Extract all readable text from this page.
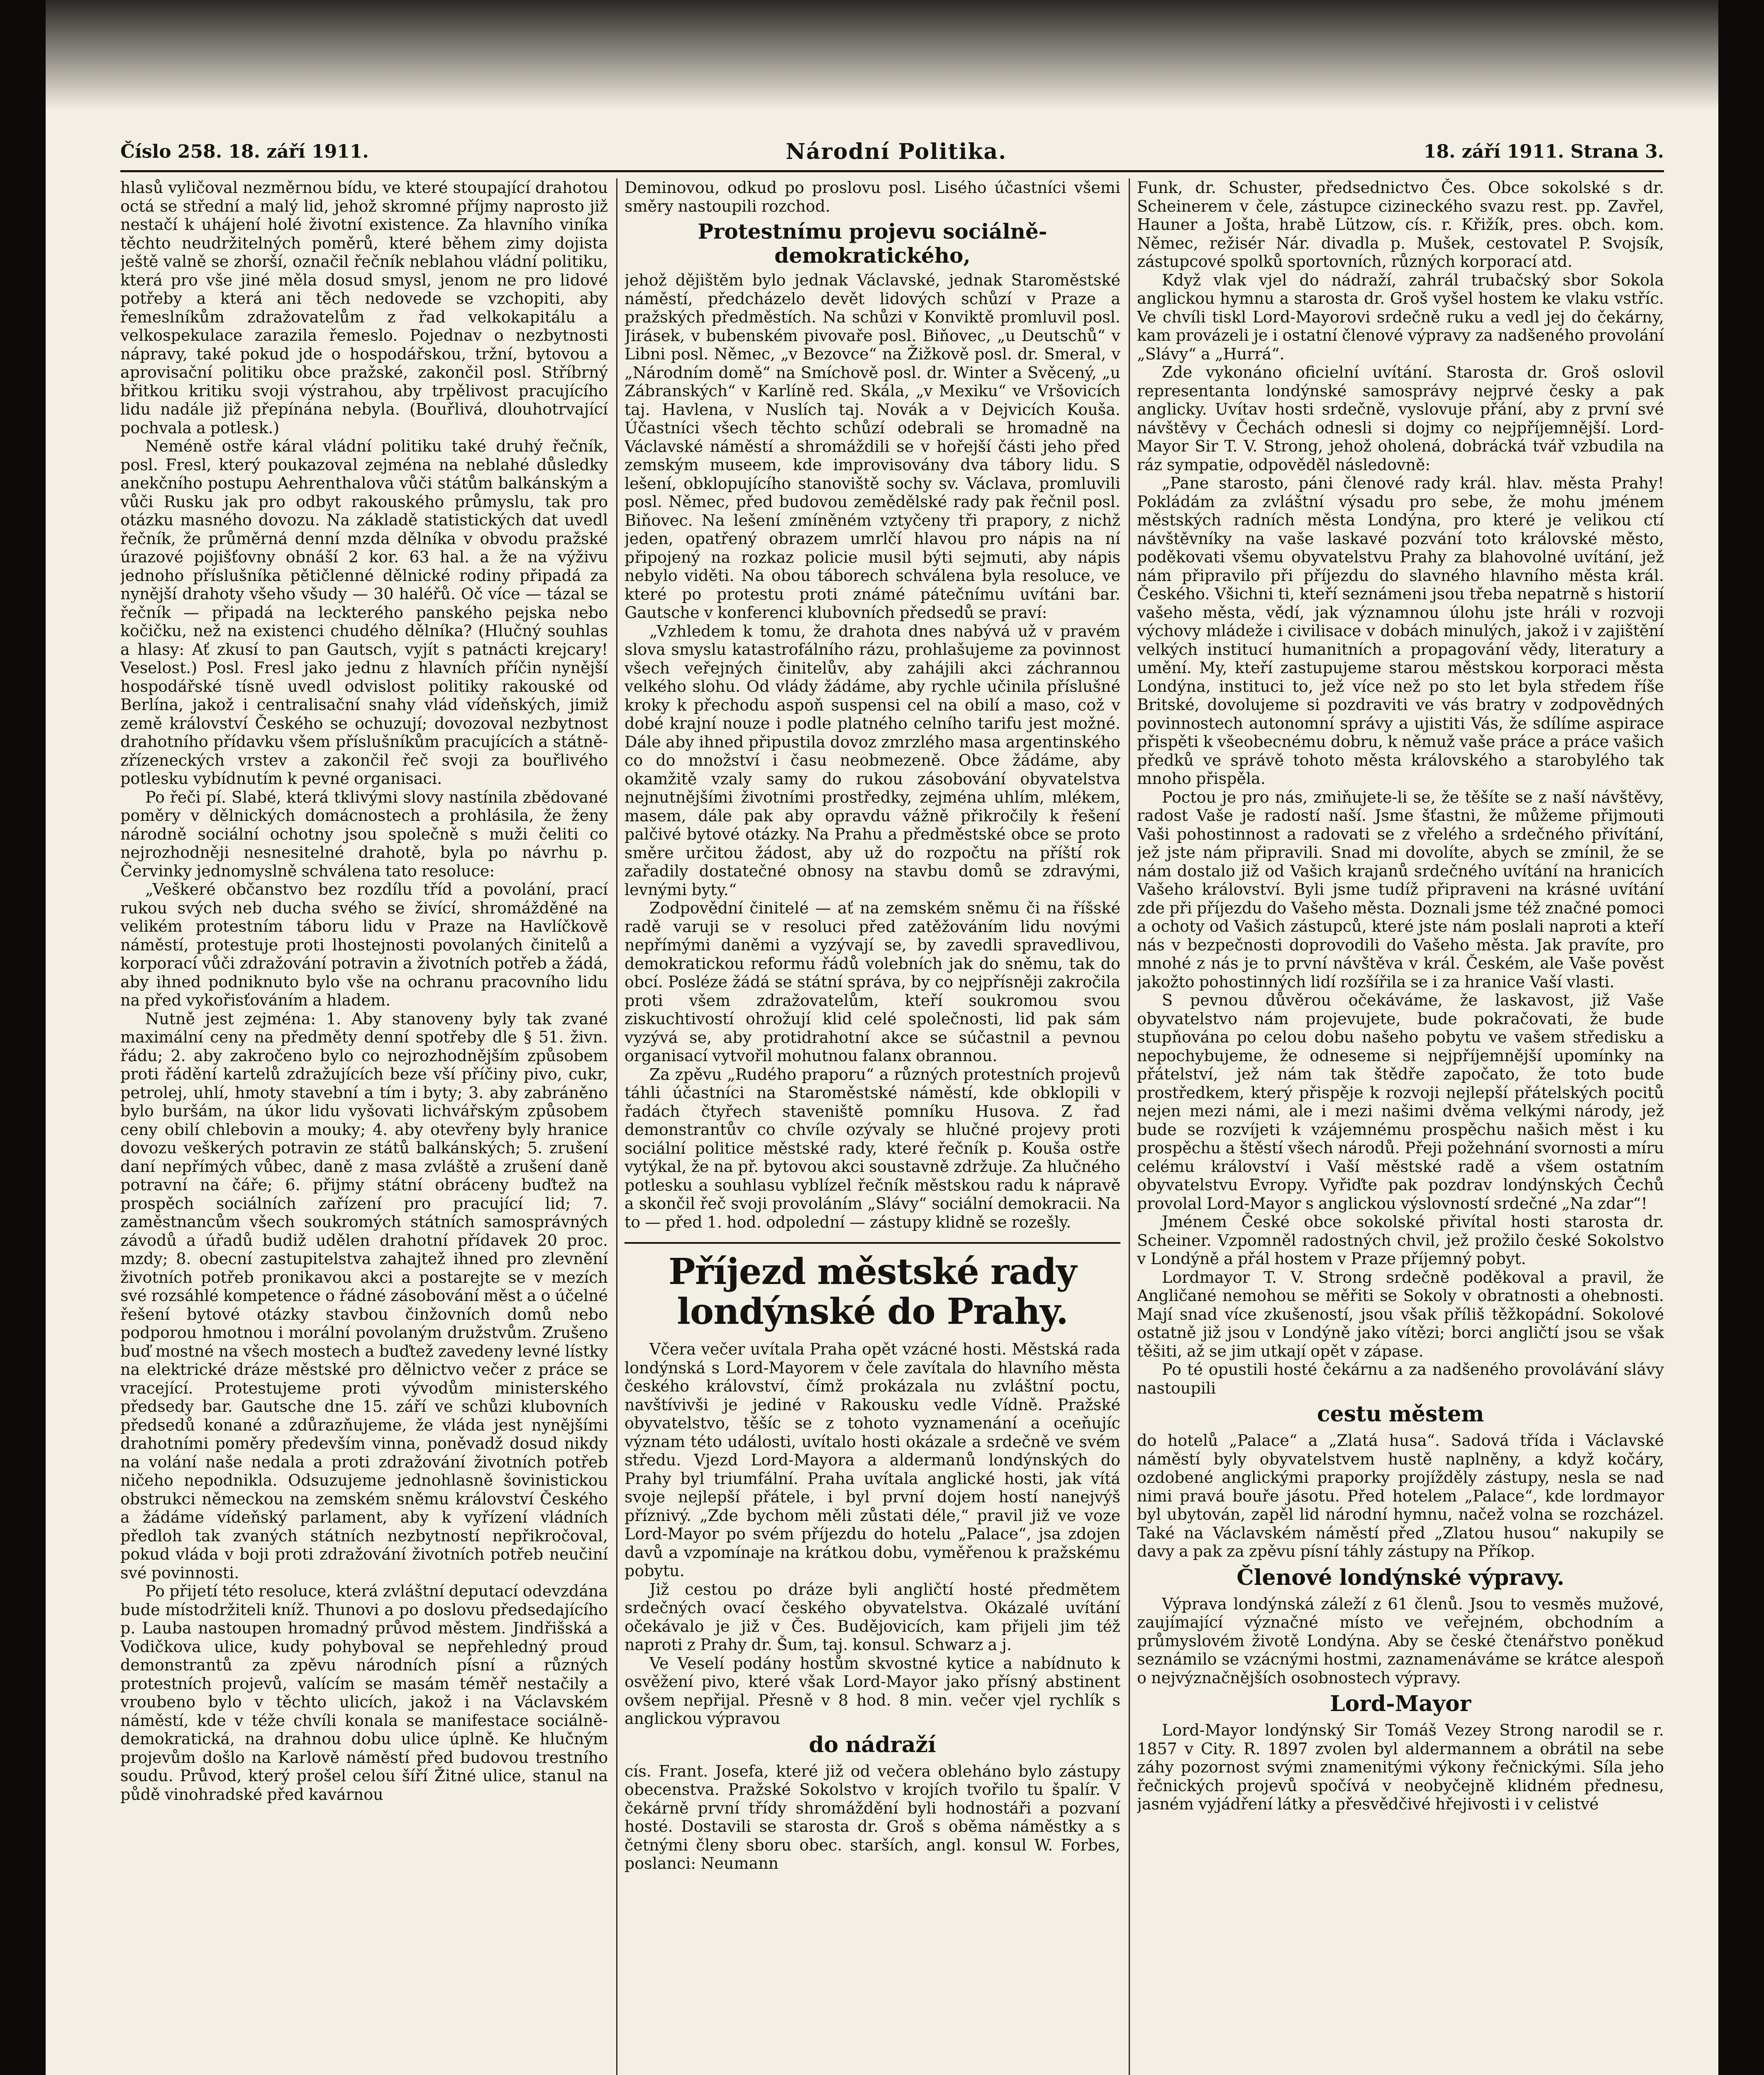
Číslo 258. 18. září 1911.	Národní Politika.	18. září 1911. Strana 3.

hlasů vyličoval nezměrnou bídu, ve které stoupající drahotou octá se střední a malý lid, jehož skromné příjmy naprosto již nestačí k uhájení holé životní existence. Za hlavního viníka těchto neudržitelných poměrů, které během zimy dojista ještě valně se zhorší, označil řečník neblahou vládní politiku, která pro vše jiné měla dosud smysl, jenom ne pro lidové potřeby a která ani těch nedovede se vzchopiti, aby řemeslníkům zdražovatelům z řad velkokapitálu a velkospekulace zarazila řemeslo. Pojednav o nezbytnosti nápravy, také pokud jde o hospodářskou, tržní, bytovou a aprovisační politiku obce pražské, zakončil posl. Stříbrný břitkou kritiku svoji výstrahou, aby trpělivost pracujícího lidu nadále již přepínána nebyla. (Bouřlivá, dlouhotrvající pochvala a potlesk.)

Neméně ostře káral vládní politiku také druhý řečník, posl. Fresl, který poukazoval zejména na neblahé důsledky anekčního postupu Aehrenthalova vůči státům balkánským a vůči Rusku jak pro odbyt rakouského průmyslu, tak pro otázku masného dovozu. Na základě statistických dat uvedl řečník, že průměrná denní mzda dělníka v obvodu pražské úrazové pojišťovny obnáší 2 kor. 63 hal. a že na výživu jednoho příslušníka pětičlenné dělnické rodiny připadá za nynější drahoty všeho všudy — 30 haléřů. Oč více — tázal se řečník — připadá na leckterého panského pejska nebo kočičku, než na existenci chudého dělníka? (Hlučný souhlas a hlasy: Ať zkusí to pan Gautsch, vyjít s patnácti krejcary! Veselost.) Posl. Fresl jako jednu z hlavních příčin nynější hospodářské tísně uvedl odvislost politiky rakouské od Berlína, jakož i centralisační snahy vlád vídeňských, jimiž země království Českého se ochuzují; dovozoval nezbytnost drahotního přídavku všem příslušníkům pracujících a státně-zřízeneckých vrstev a zakončil řeč svoji za bouřlivého potlesku vybídnutím k pevné organisaci.

Po řeči pí. Slabé, která tklivými slovy nastínila zbědované poměry v dělnických domácnostech a prohlásila, že ženy národně sociální ochotny jsou společně s muži čeliti co nejrozhodněji nesnesitelné drahotě, byla po návrhu p. Červinky jednomyslně schválena tato resoluce:

„Veškeré občanstvo bez rozdílu tříd a povolání, prací rukou svých neb ducha svého se živící, shromážděné na velikém protestním táboru lidu v Praze na Havlíčkově náměstí, protestuje proti lhostejnosti povolaných činitelů a korporací vůči zdražování potravin a životních potřeb a žádá, aby ihned podniknuto bylo vše na ochranu pracovního lidu na před vykořisťováním a hladem.

Nutně jest zejména: 1. Aby stanoveny byly tak zvané maximální ceny na předměty denní spotřeby dle § 51. živn. řádu; 2. aby zakročeno bylo co nejrozhodnějším způsobem proti řádění kartelů zdražujících beze vší příčiny pivo, cukr, petrolej, uhlí, hmoty stavební a tím i byty; 3. aby zabráněno bylo buršám, na úkor lidu vyšovati lichvářským způsobem ceny obilí chlebovin a mouky; 4. aby otevřeny byly hranice dovozu veškerých potravin ze států balkánských; 5. zrušení daní nepřímých vůbec, daně z masa zvláště a zrušení daně potravní na čáře; 6. přijmy státní obráceny buďtež na prospěch sociálních zařízení pro pracující lid; 7. zaměstnancům všech soukromých státních samosprávných závodů a úřadů budiž udělen drahotní přídavek 20 proc. mzdy; 8. obecní zastupitelstva zahajtež ihned pro zlevnění životních potřeb pronikavou akci a postarejte se v mezích své rozsáhlé kompetence o řádné zásobování měst a o účelné řešení bytové otázky stavbou činžovních domů nebo podporou hmotnou i morální povolaným družstvům. Zrušeno buď mostné na všech mostech a buďtež zavedeny levné lístky na elektrické dráze městské pro dělnictvo večer z práce se vracející. Protestujeme proti vývodům ministerského předsedy bar. Gautsche dne 15. září ve schůzi klubovních předsedů konané a zdůrazňujeme, že vláda jest nynějšími drahotními poměry především vinna, poněvadž dosud nikdy na volání naše nedala a proti zdražování životních potřeb ničeho nepodnikla. Odsuzujeme jednohlasně šovinistickou obstrukci německou na zemském sněmu království Českého a žádáme vídeňský parlament, aby k vyřízení vládních předloh tak zvaných státních nezbytností nepřikročoval, pokud vláda v boji proti zdražování životních potřeb neučiní své povinnosti.

Po přijetí této resoluce, která zvláštní deputací odevzdána bude místodržiteli kníž. Thunovi a po doslovu předsedajícího p. Lauba nastoupen hromadný průvod městem. Jindřišská a Vodičkova ulice, kudy pohyboval se nepřehledný proud demonstrantů za zpěvu národních písní a různých protestních projevů, valícím se masám téměř nestačily a vroubeno bylo v těchto ulicích, jakož i na Václavském náměstí, kde v téže chvíli konala se manifestace sociálně-demokratická, na drahnou dobu ulice úplně. Ke hlučným projevům došlo na Karlově náměstí před budovou trestního soudu. Průvod, který prošel celou šíří Žitné ulice, stanul na půdě vinohradské před kavárnou

Deminovou, odkud po proslovu posl. Lisého účastníci všemi směry nastoupili rozchod.

Protestnímu projevu sociálně-demokratického,

jehož dějištěm bylo jednak Václavské, jednak Staroměstské náměstí, předcházelo devět lidových schůzí v Praze a pražských předměstích. Na schůzi v Konviktě promluvil posl. Jirásek, v bubenském pivovaře posl. Biňovec, „u Deutschů“ v Libni posl. Němec, „v Bezovce“ na Žižkově posl. dr. Smeral, v „Národním domě“ na Smíchově posl. dr. Winter a Svěcený, „u Zábranských“ v Karlíně red. Skála, „v Mexiku“ ve Vršovicích taj. Havlena, v Nuslích taj. Novák a v Dejvicích Kouša. Účastníci všech těchto schůzí odebrali se hromadně na Václavské náměstí a shromáždili se v hořejší části jeho před zemským museem, kde improvisovány dva tábory lidu. S lešení, obklopujícího stanoviště sochy sv. Václava, promluvili posl. Němec, před budovou zemědělské rady pak řečnil posl. Biňovec. Na lešení zmíněném vztyčeny tři prapory, z nichž jeden, opatřený obrazem umrlčí hlavou pro nápis na ní připojený na rozkaz policie musil býti sejmuti, aby nápis nebylo viděti. Na obou táborech schválena byla resoluce, ve které po protestu proti známé pátečnímu uvítáni bar. Gautsche v konferenci klubovních předsedů se praví:

„Vzhledem k tomu, že drahota dnes nabývá už v pravém slova smyslu katastrofálního rázu, prohlašujeme za povinnost všech veřejných činitelův, aby zahájili akci záchrannou velkého slohu. Od vlády žádáme, aby rychle učinila příslušné kroky k přechodu aspoň suspensi cel na obilí a maso, což v dobé krajní nouze i podle platného celního tarifu jest možné. Dále aby ihned připustila dovoz zmrzlého masa argentinského co do množství i času neobmezeně. Obce žádáme, aby okamžitě vzaly samy do rukou zásobování obyvatelstva nejnutnějšími životními prostředky, zejména uhlím, mlékem, masem, dále pak aby opravdu vážně přikročily k řešení palčivé bytové otázky. Na Prahu a předměstské obce se proto směre určitou žádost, aby už do rozpočtu na příští rok zařadily dostatečné obnosy na stavbu domů se zdravými, levnými byty.“

Zodpovědní činitelé — ať na zemském sněmu či na říšské radě varuji se v resoluci před zatěžováním lidu novými nepřímými daněmi a vyzývají se, by zavedli spravedlivou, demokratickou reformu řádů volebních jak do sněmu, tak do obcí. Posléze žádá se státní správa, by co nejpřísněji zakročila proti všem zdražovatelům, kteří soukromou svou ziskuchtivostí ohrožují klid celé společnosti, lid pak sám vyzývá se, aby protidrahotní akce se súčastnil a pevnou organisací vytvořil mohutnou falanx obrannou.

Za zpěvu „Rudého praporu“ a různých protestních projevů táhli účastníci na Staroměstské náměstí, kde obklopili v řadách čtyřech staveniště pomníku Husova. Z řad demonstrantův co chvíle ozývaly se hlučné projevy proti sociální politice městské rady, které řečník p. Kouša ostře vytýkal, že na př. bytovou akci soustavně zdržuje. Za hlučného potlesku a souhlasu vyblízel řečník městskou radu k nápravě a skončil řeč svoji provoláním „Slávy“ sociální demokracii. Na to — před 1. hod. odpolední — zástupy klidně se rozešly.

Příjezd městské rady londýnské do Prahy.

Včera večer uvítala Praha opět vzácné hosti. Městská rada londýnská s Lord-Mayorem v čele zavítala do hlavního města českého království, čímž prokázala nu zvláštní poctu, navštívivši je jediné v Rakousku vedle Vídně. Pražské obyvatelstvo, těšíc se z tohoto vyznamenání a oceňujíc význam této události, uvítalo hosti okázale a srdečně ve svém středu. Vjezd Lord-Mayora a aldermanů londýnských do Prahy byl triumfální. Praha uvítala anglické hosti, jak vítá svoje nejlepší přátele, i byl první dojem hostí nanejvýš příznivý. „Zde bychom měli zůstati déle,“ pravil již ve voze Lord-Mayor po svém příjezdu do hotelu „Palace“, jsa zdojen davů a vzpomínaje na krátkou dobu, vyměřenou k pražskému pobytu.

Již cestou po dráze byli angličtí hosté předmětem srdečných ovací českého obyvatelstva. Okázalé uvítání očekávalo je již v Čes. Budějovicích, kam přijeli jim též naproti z Prahy dr. Šum, taj. konsul. Schwarz a j.

Ve Veselí podány hostům skvostné kytice a nabídnuto k osvěžení pivo, které však Lord-Mayor jako přísný abstinent ovšem nepřijal. Přesně v 8 hod. 8 min. večer vjel rychlík s anglickou výpravou

do nádraží

cís. Frant. Josefa, které již od večera obleháno bylo zástupy obecenstva. Pražské Sokolstvo v krojích tvořilo tu špalír. V čekárně první třídy shromáždění byli hodnostáři a pozvaní hosté. Dostavili se starosta dr. Groš s oběma náměstky a s četnými členy sboru obec. starších, angl. konsul W. Forbes, poslanci: Neumann

Funk, dr. Schuster, předsednictvo Čes. Obce sokolské s dr. Scheinerem v čele, zástupce cizineckého svazu rest. pp. Zavřel, Hauner a Jošta, hrabě Lützow, cís. r. Křižík, pres. obch. kom. Němec, režisér Nár. divadla p. Mušek, cestovatel P. Svojsík, zástupcové spolků sportovních, různých korporací atd.

Když vlak vjel do nádraží, zahrál trubačský sbor Sokola anglickou hymnu a starosta dr. Groš vyšel hostem ke vlaku vstříc. Ve chvíli tiskl Lord-Mayorovi srdečně ruku a vedl jej do čekárny, kam provázeli je i ostatní členové výpravy za nadšeného provolání „Slávy“ a „Hurrá“.

Zde vykonáno oficielní uvítání. Starosta dr. Groš oslovil representanta londýnské samosprávy nejprvé česky a pak anglicky. Uvítav hosti srdečně, vyslovuje přání, aby z první své návštěvy v Čechách odnesli si dojmy co nejpříjemnější. Lord-Mayor Sir T. V. Strong, jehož oholená, dobrácká tvář vzbudila na ráz sympatie, odpověděl následovně:

„Pane starosto, páni členové rady král. hlav. města Prahy! Pokládám za zvláštní výsadu pro sebe, že mohu jménem městských radních města Londýna, pro které je velikou ctí návštěvníky na vaše laskavé pozvání toto královské město, poděkovati všemu obyvatelstvu Prahy za blahovolné uvítání, jež nám připravilo při příjezdu do slavného hlavního města král. Českého. Všichni ti, kteří seznámeni jsou třeba nepatrně s historií vašeho města, vědí, jak významnou úlohu jste hráli v rozvoji výchovy mládeže i civilisace v dobách minulých, jakož i v zajištění velkých institucí humanitních a propagování vědy, literatury a umění. My, kteří zastupujeme starou městskou korporaci města Londýna, instituci to, jež více než po sto let byla středem říše Britské, dovolujeme si pozdraviti ve vás bratry v zodpovědných povinnostech autonomní správy a ujistiti Vás, že sdílíme aspirace přispěti k všeobecnému dobru, k němuž vaše práce a práce vašich předků ve správě tohoto města královského a starobylého tak mnoho přispěla.

Poctou je pro nás, zmiňujete-li se, že těšíte se z naší návštěvy, radost Vaše je radostí naší. Jsme šťastni, že můžeme přijmouti Vaši pohostinnost a radovati se z vřelého a srdečného přivítání, jež jste nám připravili. Snad mi dovolíte, abych se zmínil, že se nám dostalo již od Vašich krajanů srdečného uvítání na hranicích Vašeho království. Byli jsme tudíž připraveni na krásné uvítání zde při příjezdu do Vašeho města. Doznali jsme též značné pomoci a ochoty od Vašich zástupců, které jste nám poslali naproti a kteří nás v bezpečnosti doprovodili do Vašeho města. Jak pravíte, pro mnohé z nás je to první návštěva v král. Českém, ale Vaše pověst jakožto pohostinných lidí rozšířila se i za hranice Vaší vlasti.

S pevnou důvěrou očekáváme, že laskavost, již Vaše obyvatelstvo nám projevujete, bude pokračovati, že bude stupňována po celou dobu našeho pobytu ve vašem středisku a nepochybujeme, že odneseme si nejpříjemnější upomínky na přátelství, jež nám tak štědře započato, že toto bude prostředkem, který přispěje k rozvoji nejlepší přátelských pocitů nejen mezi námi, ale i mezi našimi dvěma velkými národy, jež bude se rozvíjeti k vzájemnému prospěchu našich měst i ku prospěchu a štěstí všech národů. Přeji požehnání svornosti a míru celému království i Vaší městské radě a všem ostatním obyvatelstvu Evropy. Vyřiďte pak pozdrav londýnských Čechů provolal Lord-Mayor s anglickou výslovností srdečné „Na zdar“!

Jménem České obce sokolské přivítal hosti starosta dr. Scheiner. Vzpomněl radostných chvil, jež prožilo české Sokolstvo v Londýně a přál hostem v Praze příjemný pobyt.

Lordmayor T. V. Strong srdečně poděkoval a pravil, že Angličané nemohou se měřiti se Sokoly v obratnosti a ohebnosti. Mají snad více zkušeností, jsou však příliš těžkopádní. Sokolové ostatně již jsou v Londýně jako vítězi; borci angličtí jsou se však těšiti, až se jim utkají opět v zápase.

Po té opustili hosté čekárnu a za nadšeného provolávání slávy nastoupili

cestu městem

do hotelů „Palace“ a „Zlatá husa“. Sadová třída i Václavské náměstí byly obyvatelstvem hustě naplněny, a když kočáry, ozdobené anglickými praporky projížděly zástupy, nesla se nad nimi pravá bouře jásotu. Před hotelem „Palace“, kde lordmayor byl ubytován, zapěl lid národní hymnu, načež volna se rozcházel. Také na Václavském náměstí před „Zlatou husou“ nakupily se davy a pak za zpěvu písní táhly zástupy na Příkop.

Členové londýnské výpravy.

Výprava londýnská záleží z 61 členů. Jsou to vesměs mužové, zaujímající význačné místo ve veřejném, obchodním a průmyslovém životě Londýna. Aby se české čtenářstvo poněkud seznámilo se vzácnými hostmi, zaznamenáváme se krátce alespoň o nejvýznačnějších osobnostech výpravy.

Lord-Mayor

Lord-Mayor londýnský Sir Tomáš Vezey Strong narodil se r. 1857 v City. R. 1897 zvolen byl aldermannem a obrátil na sebe záhy pozornost svými znamenitými výkony řečnickými. Síla jeho řečnických projevů spočívá v neobyčejně klidném přednesu, jasném vyjádření látky a přesvědčivé hřejivosti i v celistvé
